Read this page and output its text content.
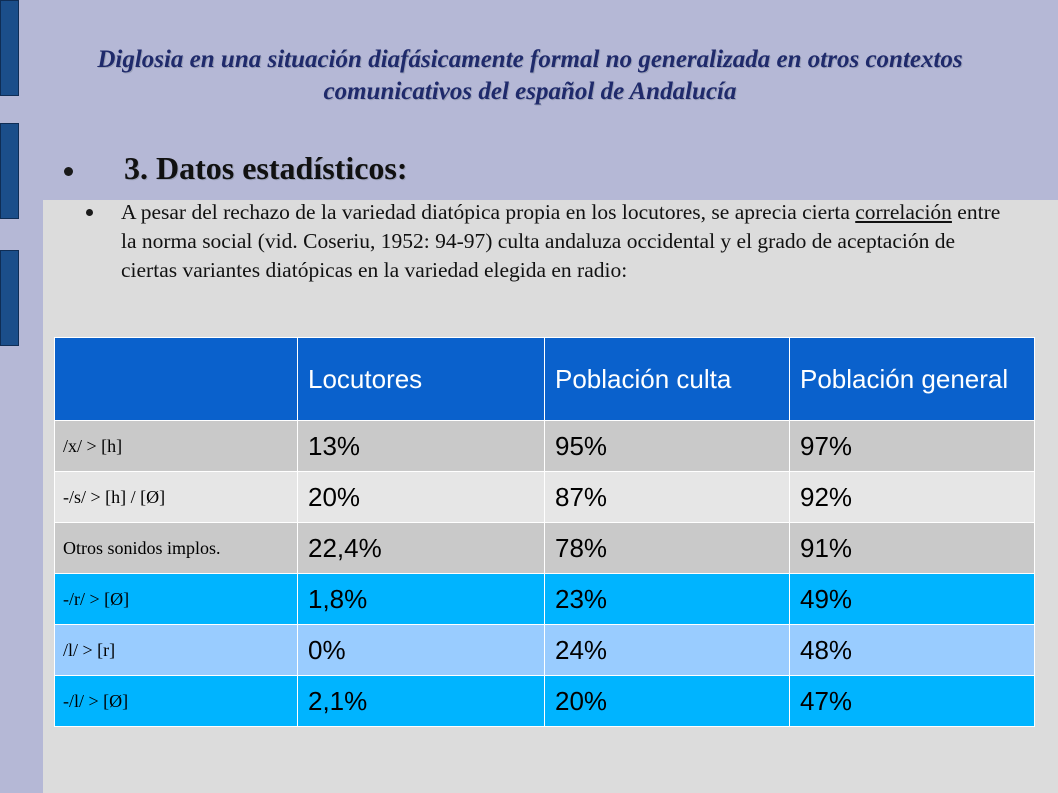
Diglosia en una situación diafásicamente formal no generalizada en otros contextos comunicativos del español de Andalucía
3. Datos estadísticos:
A pesar del rechazo de la variedad diatópica propia en los locutores, se aprecia cierta correlación entre la norma social (vid. Coseriu, 1952: 94-97) culta andaluza occidental y el grado de aceptación de ciertas variantes diatópicas en la variedad elegida en radio:
	Locutores	Población culta	Población general
/x/ > [h]	13%	95%	97%
-/s/ > [h] / [Ø]	20%	87%	92%
Otros sonidos implos.	22,4%	78%	91%
-/r/ > [Ø]	1,8%	23%	49%
/l/ > [r]	0%	24%	48%
-/l/ > [Ø]	2,1%	20%	47%
